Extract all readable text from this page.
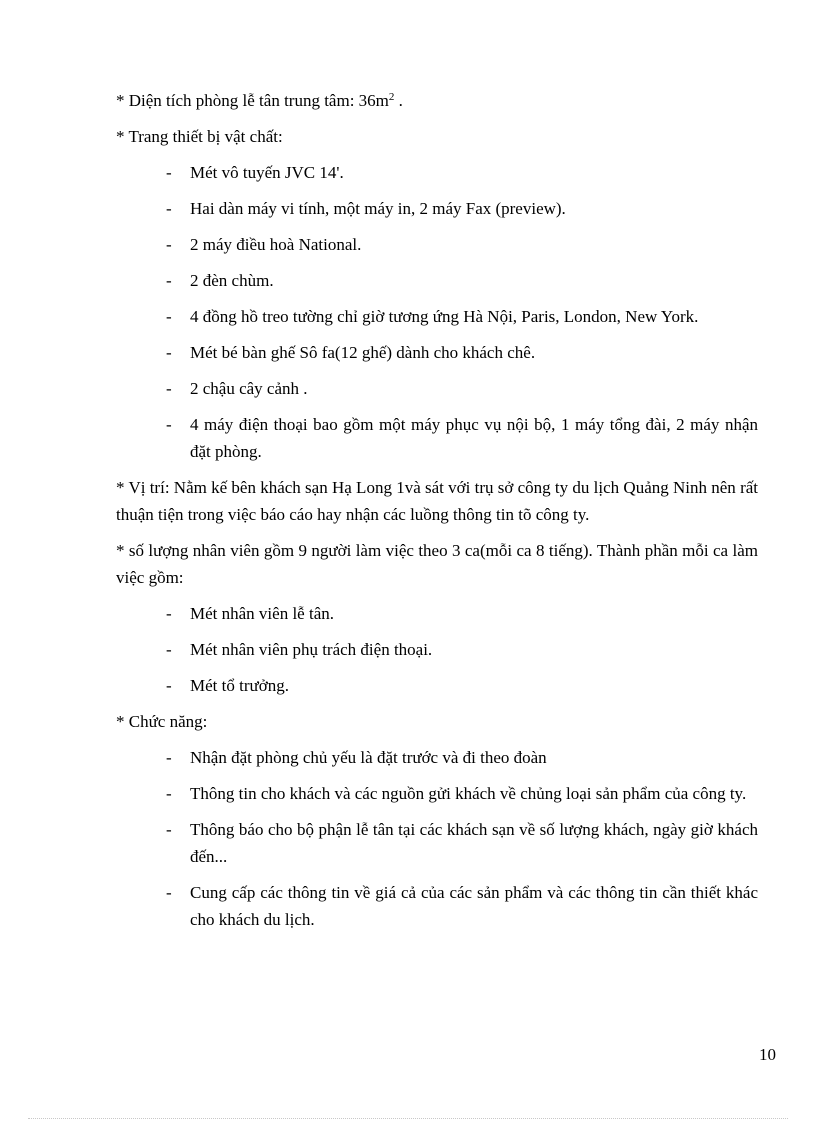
* Diện tích phòng lễ tân trung tâm: $36m^2$ .

* Trang thiết bị vật chất:

- Mét vô tuyến JVC 14'.
- Hai dàn máy vi tính, một máy in, 2 máy Fax (preview).
- 2 máy điều hoà National.
- 2 đèn chùm.
- 4 đồng hồ treo tường chỉ giờ tương ứng Hà Nội, Paris, London, New York.
- Mét bé bàn ghế Sô fa(12 ghế) dành cho khách chê.
- 2 chậu cây cảnh .
- 4 máy điện thoại bao gồm một máy phục vụ nội bộ, 1 máy tổng đài, 2 máy nhận đặt phòng.

* Vị trí: Nằm kế bên khách sạn Hạ Long 1và sát với trụ sở công ty du lịch Quảng Ninh nên rất thuận tiện trong việc báo cáo hay nhận các luồng thông tin tõ công ty.

* số lượng nhân viên gồm 9 người làm việc theo 3 ca(mỗi ca 8 tiếng). Thành phần mỗi ca làm việc gồm:

- Mét nhân viên lễ tân.
- Mét nhân viên phụ trách điện thoại.
- Mét tổ trưởng.

* Chức năng:

- Nhận đặt phòng chủ yếu là đặt trước và đi theo đoàn
- Thông tin cho khách và các nguồn gửi khách về chủng loại sản phẩm của công ty.
- Thông báo cho bộ phận lễ tân tại các khách sạn về số lượng khách, ngày giờ khách đến...
- Cung cấp các thông tin về giá cả của các sản phẩm và các thông tin cần thiết khác cho khách du lịch.
10
